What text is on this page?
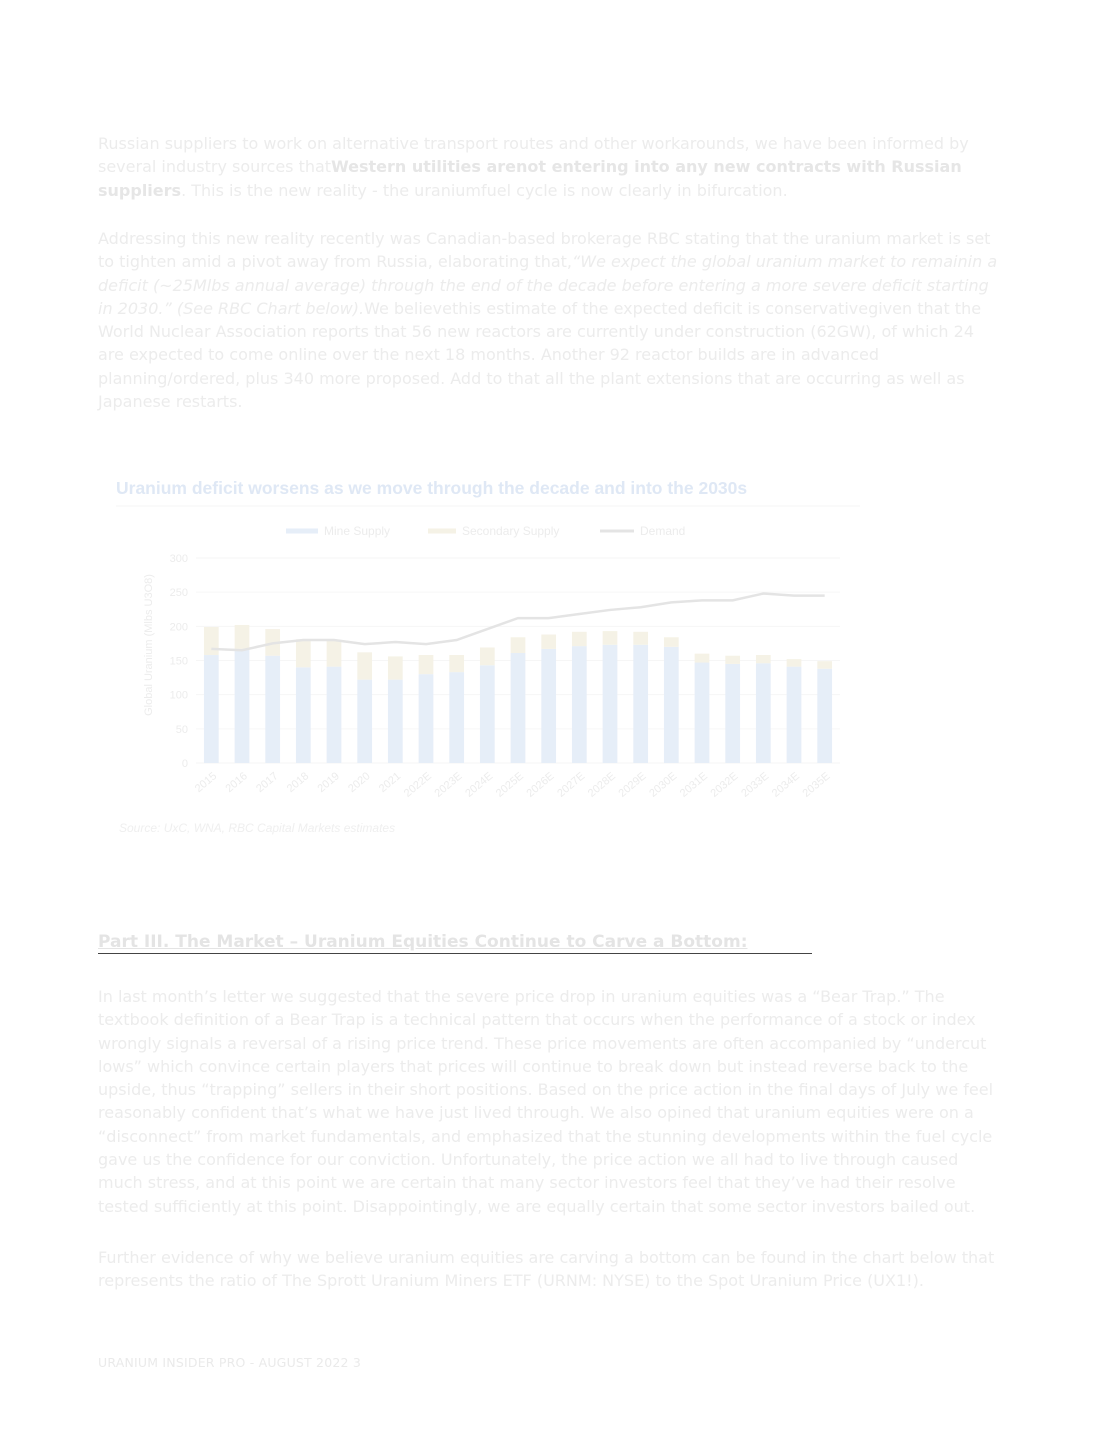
Russian suppliers to work on alternative transport routes and other workarounds, we have been informed by several industry sources thatWestern utilities arenot entering into any new contracts with Russian suppliers. This is the new reality - the uraniumfuel cycle is now clearly in bifurcation.

Addressing this new reality recently was Canadian-based brokerage RBC stating that the uranium market is set to tighten amid a pivot away from Russia, elaborating that,“We expect the global uranium market to remainin a deficit (~25Mlbs annual average) through the end of the decade before entering a more severe deficit starting in 2030.” (See RBC Chart below).We believethis estimate of the expected deficit is conservativegiven that the World Nuclear Association reports that 56 new reactors are currently under construction (62GW), of which 24 are expected to come online over the next 18 months. Another 92 reactor builds are in advanced planning/ordered, plus 340 more proposed. Add to that all the plant extensions that are occurring as well as Japanese restarts.

Uranium deficit worsens as we move through the decade and into the 2030s
Mine Supply	Secondary Supply	Demand
0
50
100
150
200
250
300
Global Uranium (Mlbs U3O8)
2015 2016 2017 2018 2019 2020 2021
2022E
2023E
2024E
2025E
2026E
2027E
2028E
2029E
2030E
2031E
2032E
2033E
2034E
2035E
Source: UxC, WNA, RBC Capital Markets estimates
Part III. The Market – Uranium Equities Continue to Carve a Bottom:

In last month’s letter we suggested that the severe price drop in uranium equities was a “Bear Trap.” The textbook definition of a Bear Trap is a technical pattern that occurs when the performance of a stock or index wrongly signals a reversal of a rising price trend. These price movements are often accompanied by “undercut lows” which convince certain players that prices will continue to break down but instead reverse back to the upside, thus “trapping” sellers in their short positions. Based on the price action in the final days of July we feel reasonably confident that’s what we have just lived through. We also opined that uranium equities were on a “disconnect” from market fundamentals, and emphasized that the stunning developments within the fuel cycle gave us the confidence for our conviction. Unfortunately, the price action we all had to live through caused much stress, and at this point we are certain that many sector investors feel that they’ve had their resolve tested sufficiently at this point. Disappointingly, we are equally certain that some sector investors bailed out.

Further evidence of why we believe uranium equities are carving a bottom can be found in the chart below that represents the ratio of The Sprott Uranium Miners ETF (URNM: NYSE) to the Spot Uranium Price (UX1!).

URANIUM INSIDER PRO - AUGUST 2022 3
